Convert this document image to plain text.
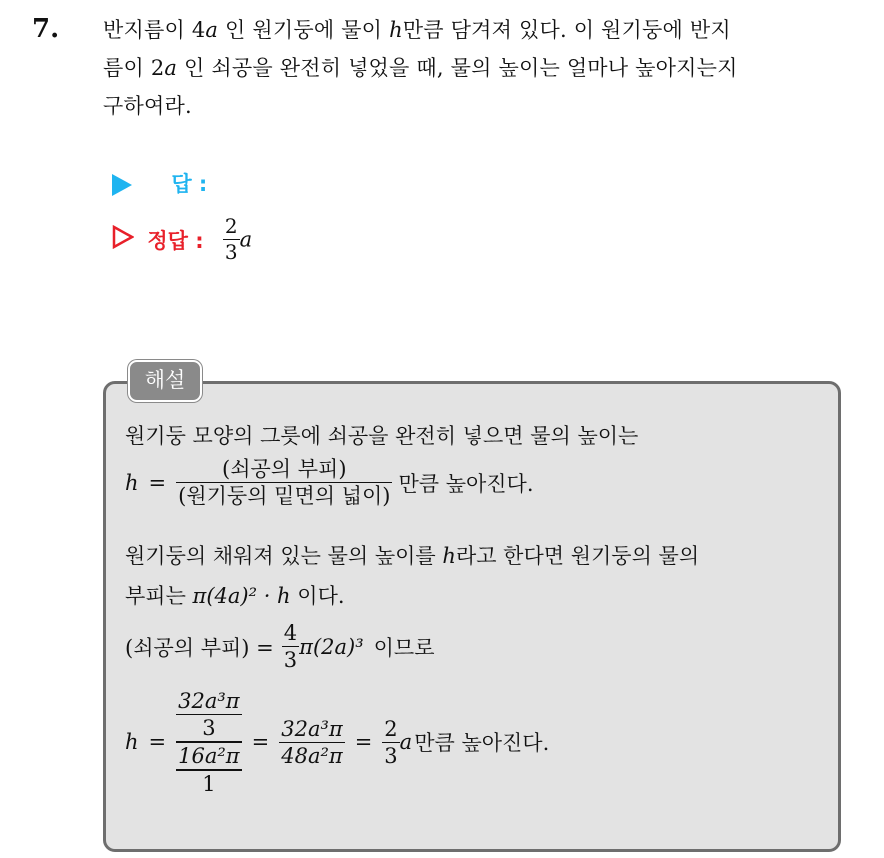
7. 반지름이 4a 인 원기둥에 물이 h만큼 담겨져 있다. 이 원기둥에 반지
름이 2a 인 쇠공을 완전히 넣었을 때, 물의 높이는 얼마나 높아지는지
구하여라.
답 :
정답 : $\frac{2}{3}$ a
해설
원기둥 모양의 그릇에 쇠공을 완전히 넣으면 물의 높이는
$h = \frac{\text{(쇠공의 부피)}}{\text{(원기둥의 밑면의 넓이)}}$ 만큼 높아진다.
원기둥의 채워져 있는 물의 높이를 h라고 한다면 원기둥의 물의
부피는 π(4a)² · h 이다.
(쇠공의 부피) = $\frac{4}{3} \pi(2a)^3$ 이므로
$h = \frac{\frac{\text{32a³π}}{3}}{\frac{\text{16a²π}}{1}} = \frac{\text{32a³π}}{\text{48a²π}} = \frac{2}{3}$ a 만큼 높아진다.
